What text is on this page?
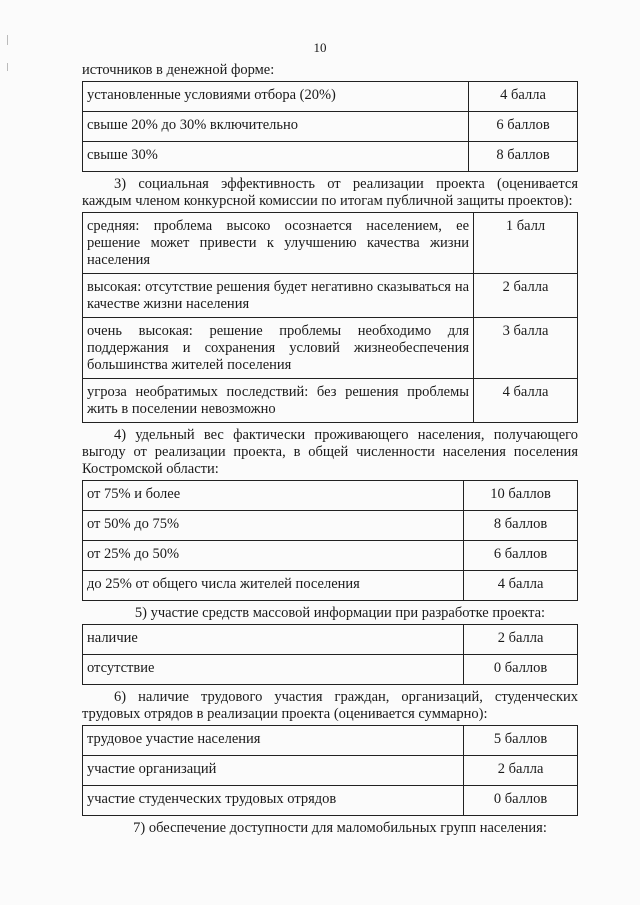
10

источников в денежной форме:

установленные условиями отбора (20%)	4 балла
свыше 20% до 30% включительно	6 баллов
свыше 30%	8 баллов

3) социальная эффективность от реализации проекта (оценивается каждым членом конкурсной комиссии по итогам публичной защиты проектов):

средняя: проблема высоко осознается населением, ее решение может привести к улучшению качества жизни населения	1 балл
высокая: отсутствие решения будет негативно сказываться на качестве жизни населения	2 балла
очень высокая: решение проблемы необходимо для поддержания и сохранения условий жизнеобеспечения большинства жителей поселения	3 балла
угроза необратимых последствий: без решения проблемы жить в поселении невозможно	4 балла

4) удельный вес фактически проживающего населения, получающего выгоду от реализации проекта, в общей численности населения поселения Костромской области:

от 75% и более	10 баллов
от 50% до 75%	8 баллов
от 25% до 50%	6 баллов
до 25% от общего числа жителей поселения	4 балла

5) участие средств массовой информации при разработке проекта:

наличие	2 балла
отсутствие	0 баллов

6) наличие трудового участия граждан, организаций, студенческих трудовых отрядов в реализации проекта (оценивается суммарно):

трудовое участие населения	5 баллов
участие организаций	2 балла
участие студенческих трудовых отрядов	0 баллов

7) обеспечение доступности для маломобильных групп населения:
